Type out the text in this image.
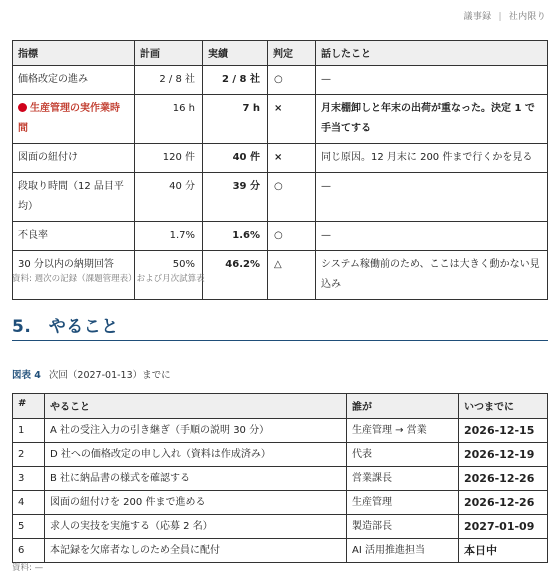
議事録 | 社内限り
指標	計画	実績	判定	話したこと
価格改定の進み	2 / 8 社	2 / 8 社	○	—
生産管理の実作業時間	16 h	7 h	×	月末棚卸しと年末の出荷が重なった。決定 1 で手当てする
図面の紐付け	120 件	40 件	×	同じ原因。12 月末に 200 件まで行くかを見る
段取り時間（12 品目平均）	40 分	39 分	○	—
不良率	1.7%	1.6%	○	—
30 分以内の納期回答	50%	46.2%	△	システム稼働前のため、ここは大きく動かない見込み
資料: 週次の記録（課題管理表）および月次試算表
5.　やること
図表 4 次回（2027-01-13）までに
#	やること	誰が	いつまでに
1	A 社の受注入力の引き継ぎ（手順の説明 30 分）	生産管理 → 営業	2026-12-15
2	D 社への価格改定の申し入れ（資料は作成済み）	代表	2026-12-19
3	B 社に納品書の様式を確認する	営業課長	2026-12-26
4	図面の紐付けを 200 件まで進める	生産管理	2026-12-26
5	求人の実技を実施する（応募 2 名）	製造部長	2027-01-09
6	本記録を欠席者なしのため全員に配付	AI 活用推進担当	本日中
資料: —
